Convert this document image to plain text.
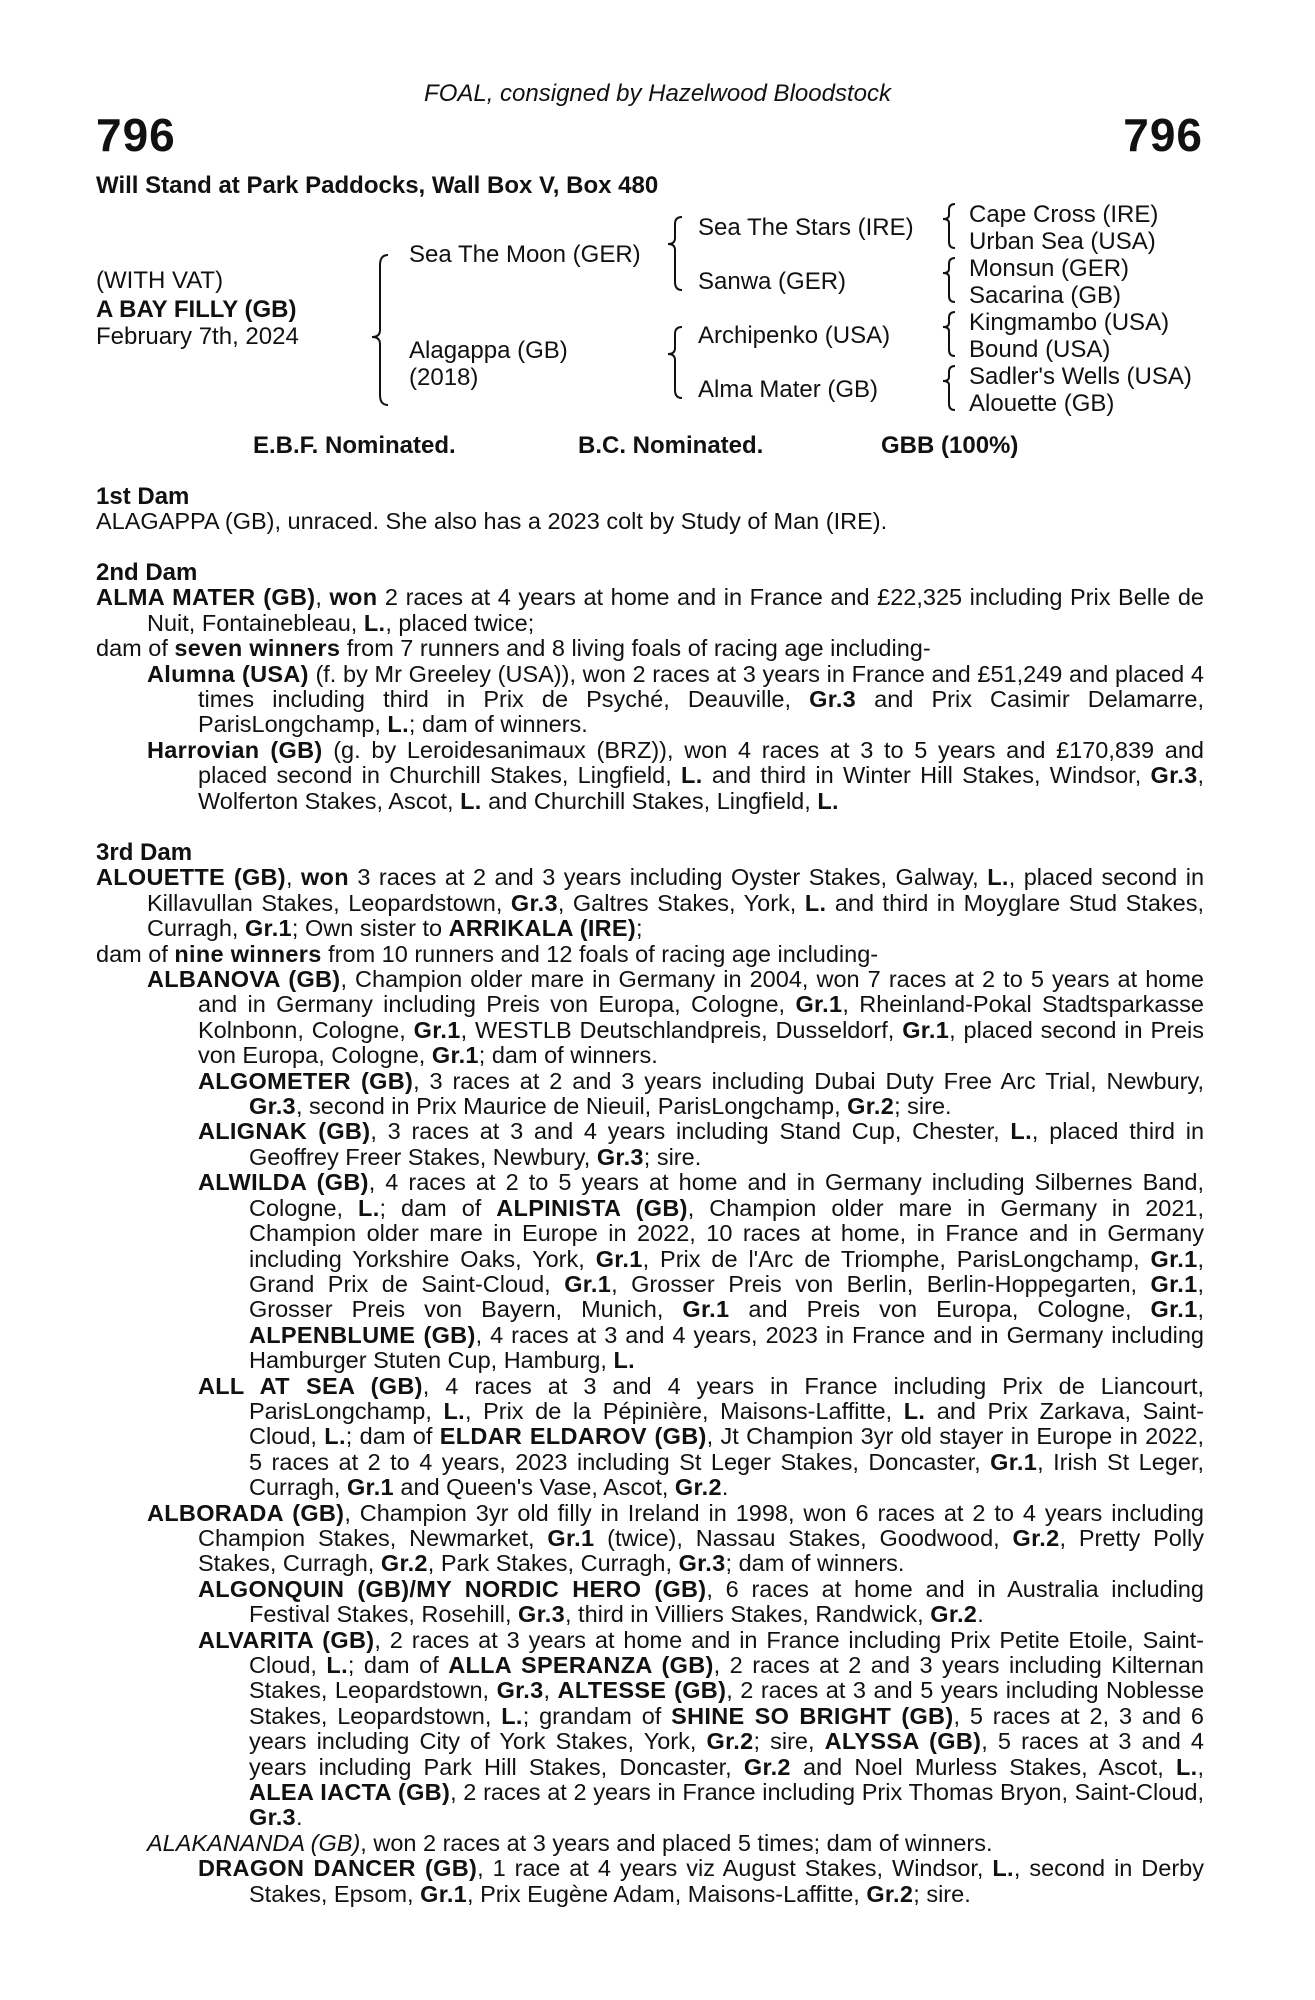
FOAL, consigned by Hazelwood Bloodstock
796	796
Will Stand at Park Paddocks, Wall Box V, Box 480
(WITH VAT)
A BAY FILLY (GB)
February 7th, 2024
Sea The Moon (GER)
Alagappa (GB)
(2018)
Sea The Stars (IRE)
Sanwa (GER)
Archipenko (USA)
Alma Mater (GB)
Cape Cross (IRE)
Urban Sea (USA)
Monsun (GER)
Sacarina (GB)
Kingmambo (USA)
Bound (USA)
Sadler's Wells (USA)
Alouette (GB)
E.B.F. Nominated.	B.C. Nominated.	GBB (100%)
1st Dam

ALAGAPPA (GB), unraced. She also has a 2023 colt by Study of Man (IRE).

2nd Dam

ALMA MATER (GB), won 2 races at 4 years at home and in France and £22,325 including Prix Belle de Nuit, Fontainebleau, L., placed twice;

dam of seven winners from 7 runners and 8 living foals of racing age including-

Alumna (USA) (f. by Mr Greeley (USA)), won 2 races at 3 years in France and £51,249 and placed 4 times including third in Prix de Psyché, Deauville, Gr.3 and Prix Casimir Delamarre, ParisLongchamp, L.; dam of winners.

Harrovian (GB) (g. by Leroidesanimaux (BRZ)), won 4 races at 3 to 5 years and £170,839 and placed second in Churchill Stakes, Lingfield, L. and third in Winter Hill Stakes, Windsor, Gr.3, Wolferton Stakes, Ascot, L. and Churchill Stakes, Lingfield, L.

3rd Dam

ALOUETTE (GB), won 3 races at 2 and 3 years including Oyster Stakes, Galway, L., placed second in Killavullan Stakes, Leopardstown, Gr.3, Galtres Stakes, York, L. and third in Moyglare Stud Stakes, Curragh, Gr.1; Own sister to ARRIKALA (IRE);

dam of nine winners from 10 runners and 12 foals of racing age including-

ALBANOVA (GB), Champion older mare in Germany in 2004, won 7 races at 2 to 5 years at home and in Germany including Preis von Europa, Cologne, Gr.1, Rheinland-Pokal Stadtsparkasse Kolnbonn, Cologne, Gr.1, WESTLB Deutschlandpreis, Dusseldorf, Gr.1, placed second in Preis von Europa, Cologne, Gr.1; dam of winners.

ALGOMETER (GB), 3 races at 2 and 3 years including Dubai Duty Free Arc Trial, Newbury, Gr.3, second in Prix Maurice de Nieuil, ParisLongchamp, Gr.2; sire.

ALIGNAK (GB), 3 races at 3 and 4 years including Stand Cup, Chester, L., placed third in Geoffrey Freer Stakes, Newbury, Gr.3; sire.

ALWILDA (GB), 4 races at 2 to 5 years at home and in Germany including Silbernes Band, Cologne, L.; dam of ALPINISTA (GB), Champion older mare in Germany in 2021, Champion older mare in Europe in 2022, 10 races at home, in France and in Germany including Yorkshire Oaks, York, Gr.1, Prix de l'Arc de Triomphe, ParisLongchamp, Gr.1, Grand Prix de Saint-Cloud, Gr.1, Grosser Preis von Berlin, Berlin-Hoppegarten, Gr.1, Grosser Preis von Bayern, Munich, Gr.1 and Preis von Europa, Cologne, Gr.1, ALPENBLUME (GB), 4 races at 3 and 4 years, 2023 in France and in Germany including Hamburger Stuten Cup, Hamburg, L.

ALL AT SEA (GB), 4 races at 3 and 4 years in France including Prix de Liancourt, ParisLongchamp, L., Prix de la Pépinière, Maisons-Laffitte, L. and Prix Zarkava, Saint-Cloud, L.; dam of ELDAR ELDAROV (GB), Jt Champion 3yr old stayer in Europe in 2022, 5 races at 2 to 4 years, 2023 including St Leger Stakes, Doncaster, Gr.1, Irish St Leger, Curragh, Gr.1 and Queen's Vase, Ascot, Gr.2.

ALBORADA (GB), Champion 3yr old filly in Ireland in 1998, won 6 races at 2 to 4 years including Champion Stakes, Newmarket, Gr.1 (twice), Nassau Stakes, Goodwood, Gr.2, Pretty Polly Stakes, Curragh, Gr.2, Park Stakes, Curragh, Gr.3; dam of winners.

ALGONQUIN (GB)/MY NORDIC HERO (GB), 6 races at home and in Australia including Festival Stakes, Rosehill, Gr.3, third in Villiers Stakes, Randwick, Gr.2.

ALVARITA (GB), 2 races at 3 years at home and in France including Prix Petite Etoile, Saint-Cloud, L.; dam of ALLA SPERANZA (GB), 2 races at 2 and 3 years including Kilternan Stakes, Leopardstown, Gr.3, ALTESSE (GB), 2 races at 3 and 5 years including Noblesse Stakes, Leopardstown, L.; grandam of SHINE SO BRIGHT (GB), 5 races at 2, 3 and 6 years including City of York Stakes, York, Gr.2; sire, ALYSSA (GB), 5 races at 3 and 4 years including Park Hill Stakes, Doncaster, Gr.2 and Noel Murless Stakes, Ascot, L., ALEA IACTA (GB), 2 races at 2 years in France including Prix Thomas Bryon, Saint-Cloud, Gr.3.

ALAKANANDA (GB), won 2 races at 3 years and placed 5 times; dam of winners.

DRAGON DANCER (GB), 1 race at 4 years viz August Stakes, Windsor, L., second in Derby Stakes, Epsom, Gr.1, Prix Eugène Adam, Maisons-Laffitte, Gr.2; sire.
